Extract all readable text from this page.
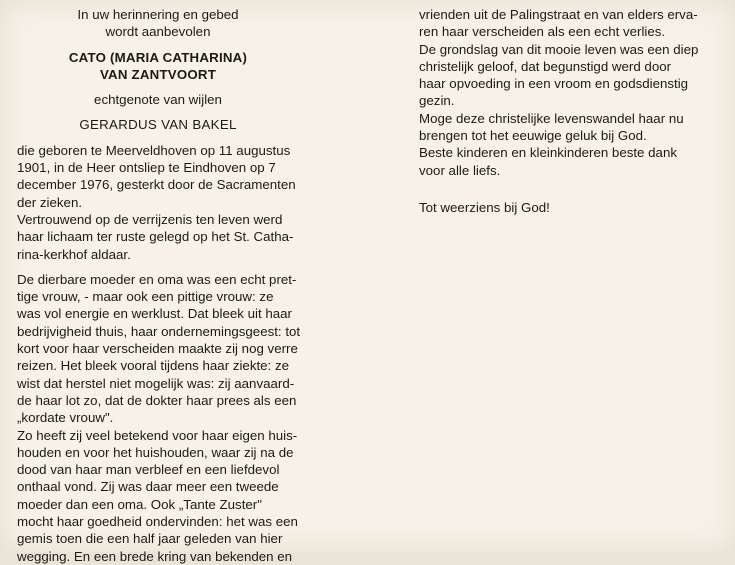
In uw herinnering en gebed
wordt aanbevolen
CATO (MARIA CATHARINA)
VAN ZANTVOORT
echtgenote van wijlen
GERARDUS VAN BAKEL
die geboren te Meerveldhoven op 11 augustus
1901, in de Heer ontsliep te Eindhoven op 7
december 1976, gesterkt door de Sacramenten
der zieken.
Vertrouwend op de verrijzenis ten leven werd
haar lichaam ter ruste gelegd op het St. Catha-
rina-kerkhof aldaar.
De dierbare moeder en oma was een echt pret-
tige vrouw, - maar ook een pittige vrouw: ze
was vol energie en werklust. Dat bleek uit haar
bedrijvigheid thuis, haar ondernemingsgeest: tot
kort voor haar verscheiden maakte zij nog verre
reizen. Het bleek vooral tijdens haar ziekte: ze
wist dat herstel niet mogelijk was: zij aanvaard-
de haar lot zo, dat de dokter haar prees als een
„kordate vrouw".
Zo heeft zij veel betekend voor haar eigen huis-
houden en voor het huishouden, waar zij na de
dood van haar man verbleef en een liefdevol
onthaal vond. Zij was daar meer een tweede
moeder dan een oma. Ook „Tante Zuster"
mocht haar goedheid ondervinden: het was een
gemis toen die een half jaar geleden van hier
wegging. En een brede kring van bekenden en
vrienden uit de Palingstraat en van elders erva-
ren haar verscheiden als een echt verlies.
De grondslag van dit mooie leven was een diep
christelijk geloof, dat begunstigd werd door
haar opvoeding in een vroom en godsdienstig
gezin.
Moge deze christelijke levenswandel haar nu
brengen tot het eeuwige geluk bij God.
Beste kinderen en kleinkinderen beste dank
voor alle liefs.
Tot weerziens bij God!
